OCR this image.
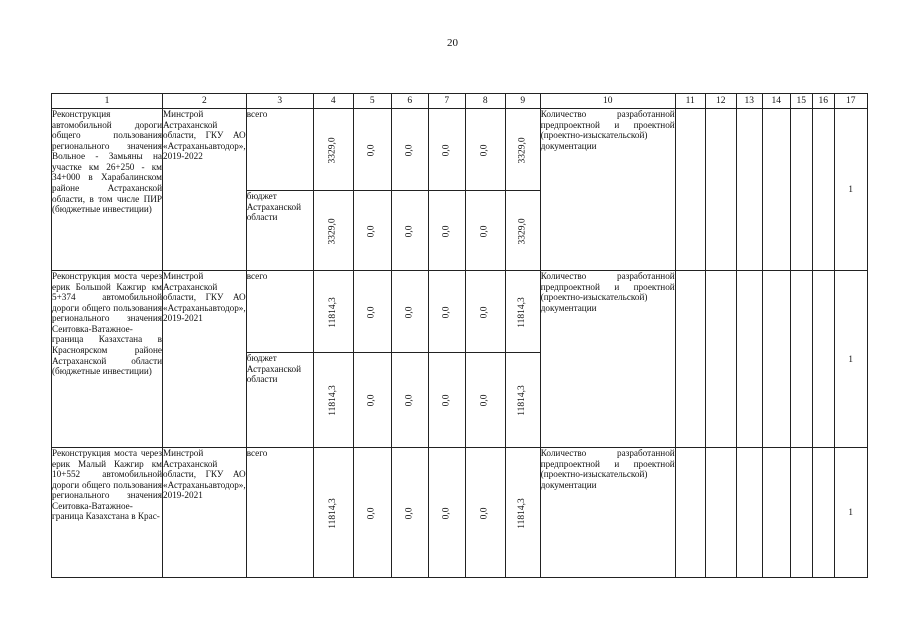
20
1	2	3	4	5	6	7	8	9	10	11	12	13	14	15	16	17
Реконструкция автомобильной дороги общего пользования регионального значения Вольное - Замьяны на участке км 26+250 - км 34+000 в Харабалинском районе Астраханской области, в том числе ПИР (бюджетные инвестиции)	Минстрой Астраханской области, ГКУ АО «Астраханьавтодор», 2019-2022	всего	3329,0	0,0	0,0	0,0	0,0	3329,0	Количество разработанной предпроектной и проектной (проектно-изыскательской) документации							1
		бюджет Астраханской области	3329,0	0,0	0,0	0,0	0,0	3329,0								
Реконструкция моста через ерик Большой Кажгир км 5+374 автомобильной дороги общего пользования регионального значения Сеитовка-Ватажное-граница Казахстана в Красноярском районе Астраханской области (бюджетные инвестиции)	Минстрой Астраханской области, ГКУ АО «Астраханьавтодор», 2019-2021	всего	11814,3	0,0	0,0	0,0	0,0	11814,3	Количество разработанной предпроектной и проектной (проектно-изыскательской) документации							1
		бюджет Астраханской области	11814,3	0,0	0,0	0,0	0,0	11814,3								
Реконструкция моста через ерик Малый Кажгир км 10+552 автомобильной дороги общего пользования регионального значения Сеитовка-Ватажное-граница Казахстана в Крас-	Минстрой Астраханской области, ГКУ АО «Астраханьавтодор», 2019-2021	всего	11814,3	0,0	0,0	0,0	0,0	11814,3	Количество разработанной предпроектной и проектной (проектно-изыскательской) документации							1
